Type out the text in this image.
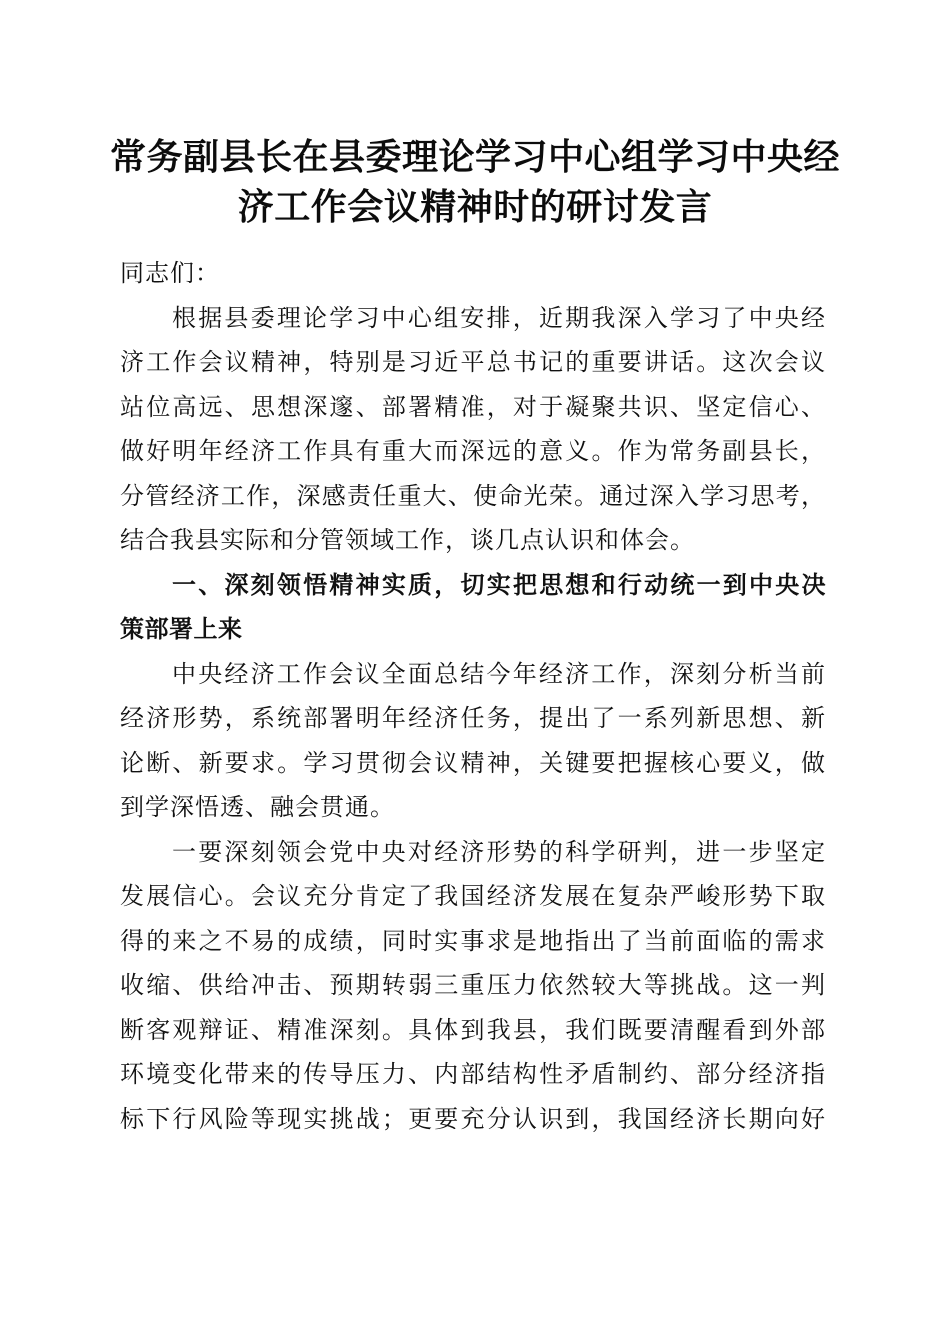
常务副县长在县委理论学习中心组学习中央经
济工作会议精神时的研讨发言
同志们：
根据县委理论学习中心组安排，近期我深入学习了中央经
济工作会议精神，特别是习近平总书记的重要讲话。这次会议
站位高远、思想深邃、部署精准，对于凝聚共识、坚定信心、
做好明年经济工作具有重大而深远的意义。作为常务副县长，
分管经济工作，深感责任重大、使命光荣。通过深入学习思考，
结合我县实际和分管领域工作，谈几点认识和体会。
一、深刻领悟精神实质，切实把思想和行动统一到中央决
策部署上来
中央经济工作会议全面总结今年经济工作，深刻分析当前
经济形势，系统部署明年经济任务，提出了一系列新思想、新
论断、新要求。学习贯彻会议精神，关键要把握核心要义，做
到学深悟透、融会贯通。
一要深刻领会党中央对经济形势的科学研判，进一步坚定
发展信心。会议充分肯定了我国经济发展在复杂严峻形势下取
得的来之不易的成绩，同时实事求是地指出了当前面临的需求
收缩、供给冲击、预期转弱三重压力依然较大等挑战。这一判
断客观辩证、精准深刻。具体到我县，我们既要清醒看到外部
环境变化带来的传导压力、内部结构性矛盾制约、部分经济指
标下行风险等现实挑战；更要充分认识到，我国经济长期向好
